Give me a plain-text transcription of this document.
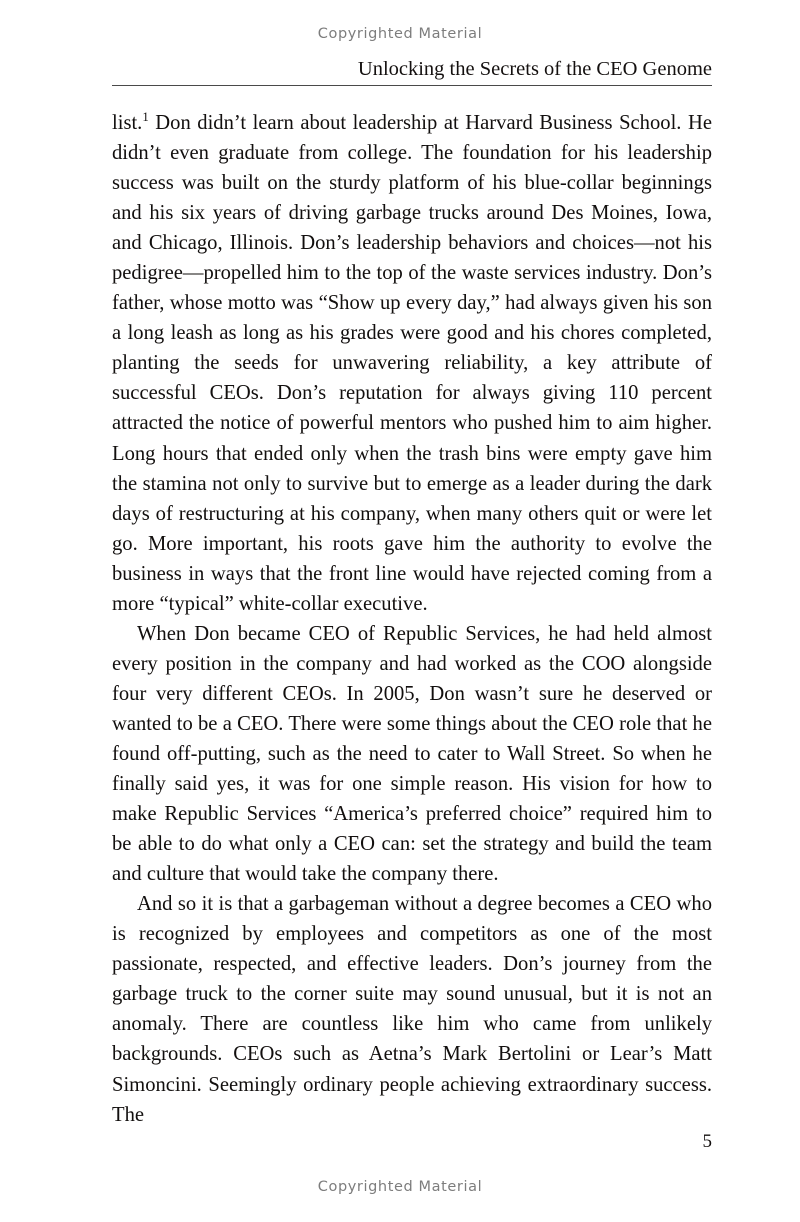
Copyrighted Material
Unlocking the Secrets of the CEO Genome

list.$^1$ Don didn’t learn about leadership at Harvard Business School. He didn’t even graduate from college. The foundation for his leadership success was built on the sturdy platform of his blue-collar beginnings and his six years of driving garbage trucks around Des Moines, Iowa, and Chicago, Illinois. Don’s leadership behaviors and choices—not his pedigree—propelled him to the top of the waste services industry. Don’s father, whose motto was “Show up every day,” had always given his son a long leash as long as his grades were good and his chores completed, planting the seeds for unwavering reliability, a key attribute of successful CEOs. Don’s reputation for always giving 110 percent attracted the notice of powerful mentors who pushed him to aim higher. Long hours that ended only when the trash bins were empty gave him the stamina not only to survive but to emerge as a leader during the dark days of restructuring at his company, when many others quit or were let go. More important, his roots gave him the authority to evolve the business in ways that the front line would have rejected coming from a more “typical” white-collar executive.

When Don became CEO of Republic Services, he had held almost every position in the company and had worked as the COO alongside four very different CEOs. In 2005, Don wasn’t sure he deserved or wanted to be a CEO. There were some things about the CEO role that he found off-putting, such as the need to cater to Wall Street. So when he finally said yes, it was for one simple reason. His vision for how to make Republic Services “America’s preferred choice” required him to be able to do what only a CEO can: set the strategy and build the team and culture that would take the company there.

And so it is that a garbageman without a degree becomes a CEO who is recognized by employees and competitors as one of the most passionate, respected, and effective leaders. Don’s journey from the garbage truck to the corner suite may sound unusual, but it is not an anomaly. There are countless like him who came from unlikely backgrounds. CEOs such as Aetna’s Mark Bertolini or Lear’s Matt Simoncini. Seemingly ordinary people achieving extraordinary success. The

5
Copyrighted Material
